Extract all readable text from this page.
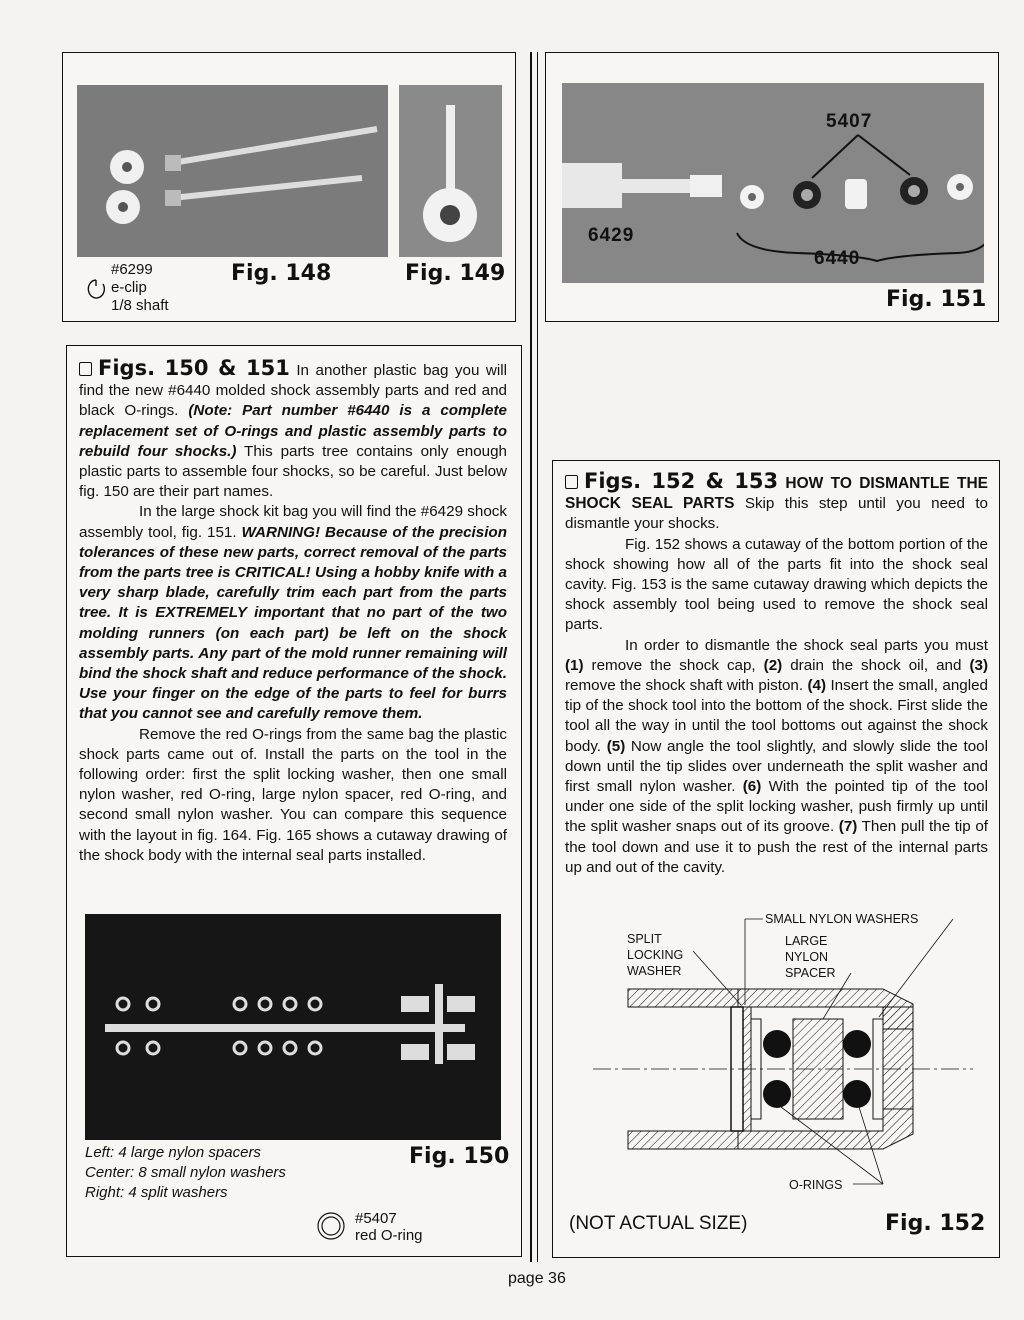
#6299
e-clip
1/8 shaft
Fig. 148	Fig. 149
5407
6429
6440
Fig. 151

Figs. 150 & 151 In another plastic bag you will find the new #6440 molded shock assembly parts and red and black O-rings. (Note: Part number #6440 is a complete replacement set of O-rings and plastic assembly parts to rebuild four shocks.) This parts tree contains only enough plastic parts to assemble four shocks, so be careful. Just below fig. 150 are their part names.

In the large shock kit bag you will find the #6429 shock assembly tool, fig. 151. WARNING! Because of the precision tolerances of these new parts, correct removal of the parts from the parts tree is CRITICAL! Using a hobby knife with a very sharp blade, carefully trim each part from the parts tree. It is EXTREMELY important that no part of the two molding runners (on each part) be left on the shock assembly parts. Any part of the mold runner remaining will bind the shock shaft and reduce performance of the shock. Use your finger on the edge of the parts to feel for burrs that you cannot see and carefully remove them.

Remove the red O-rings from the same bag the plastic shock parts came out of. Install the parts on the tool in the following order: first the split locking washer, then one small nylon washer, red O-ring, large nylon spacer, red O-ring, and second small nylon washer. You can compare this sequence with the layout in fig. 164. Fig. 165 shows a cutaway drawing of the shock body with the internal seal parts installed.

Left: 4 large nylon spacers
Center: 8 small nylon washers
Right: 4 split washers
Fig. 150
#5407
red O-ring

Figs. 152 & 153 HOW TO DISMANTLE THE SHOCK SEAL PARTS Skip this step until you need to dismantle your shocks.

Fig. 152 shows a cutaway of the bottom portion of the shock showing how all of the parts fit into the shock seal cavity. Fig. 153 is the same cutaway drawing which depicts the shock assembly tool being used to remove the shock seal parts.

In order to dismantle the shock seal parts you must (1) remove the shock cap, (2) drain the shock oil, and (3) remove the shock shaft with piston. (4) Insert the small, angled tip of the shock tool into the bottom of the shock. First slide the tool all the way in until the tool bottoms out against the shock body. (5) Now angle the tool slightly, and slowly slide the tool down until the tip slides over underneath the split washer and first small nylon washer. (6) With the pointed tip of the tool under one side of the split locking washer, push firmly up until the split washer snaps out of its groove. (7) Then pull the tip of the tool down and use it to push the rest of the internal parts up and out of the cavity.

SMALL NYLON WASHERS
SPLIT
LOCKING
WASHER
LARGE
NYLON
SPACER
O-RINGS
(NOT ACTUAL SIZE)	Fig. 152
page 36
